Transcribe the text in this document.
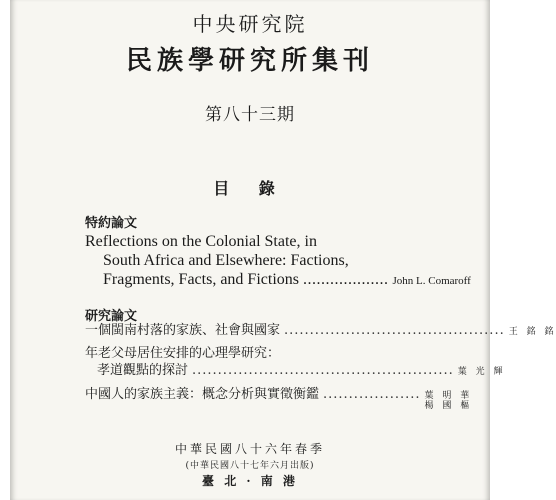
中央研究院
民族學研究所集刊
第八十三期
目 錄
特約論文
Reflections on the Colonial State, in
South Africa and Elsewhere: Factions,
Fragments, Facts, and Fictions ................... John L. Comaroff
研究論文
一個閩南村落的家族、社會與國家 ........................................... 王 銘 銘
年老父母居住安排的心理學研究：
孝道觀點的探討 ................................................... 葉 光 輝
中國人的家族主義：概念分析與實徵衡鑑 ................... 葉 明 華
楊 國 樞
中華民國八十六年春季
(中華民國八十七年六月出版)
臺 北 · 南 港
